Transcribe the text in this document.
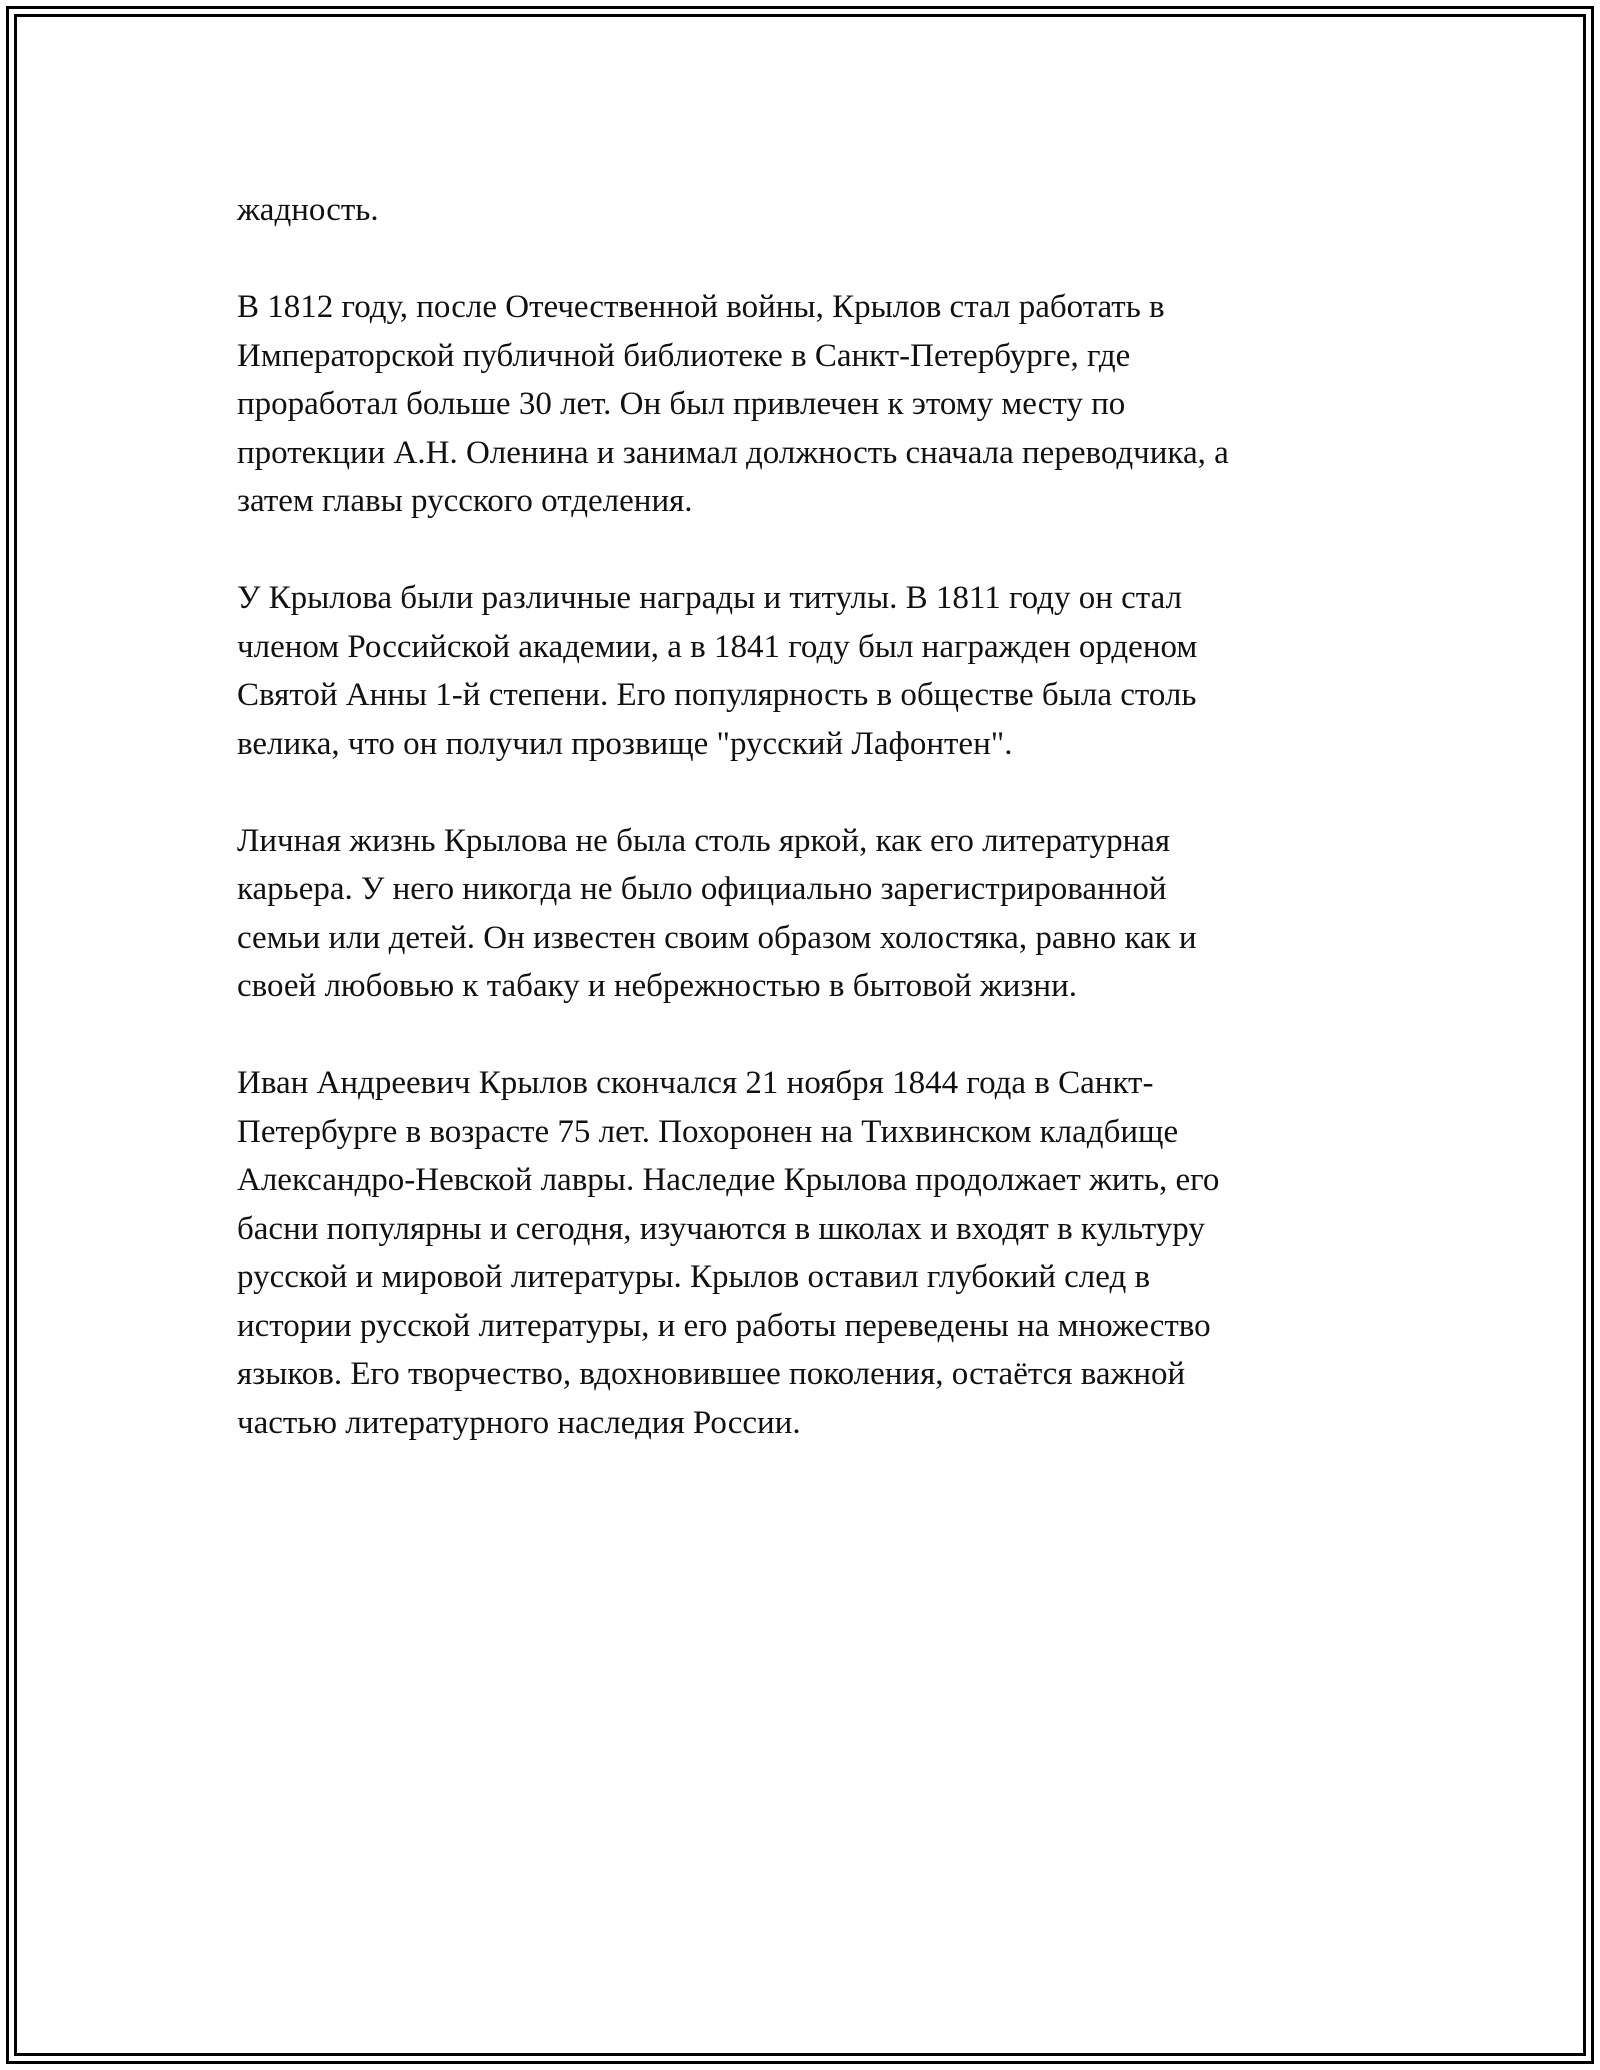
жадность.

В 1812 году, после Отечественной войны, Крылов стал работать в
Императорской публичной библиотеке в Санкт-Петербурге, где
проработал больше 30 лет. Он был привлечен к этому месту по
протекции А.Н. Оленина и занимал должность сначала переводчика, а
затем главы русского отделения.

У Крылова были различные награды и титулы. В 1811 году он стал
членом Российской академии, а в 1841 году был награжден орденом
Святой Анны 1-й степени. Его популярность в обществе была столь
велика, что он получил прозвище "русский Лафонтен".

Личная жизнь Крылова не была столь яркой, как его литературная
карьера. У него никогда не было официально зарегистрированной
семьи или детей. Он известен своим образом холостяка, равно как и
своей любовью к табаку и небрежностью в бытовой жизни.

Иван Андреевич Крылов скончался 21 ноября 1844 года в Санкт-
Петербурге в возрасте 75 лет. Похоронен на Тихвинском кладбище
Александро-Невской лавры. Наследие Крылова продолжает жить, его
басни популярны и сегодня, изучаются в школах и входят в культуру
русской и мировой литературы. Крылов оставил глубокий след в
истории русской литературы, и его работы переведены на множество
языков. Его творчество, вдохновившее поколения, остаётся важной
частью литературного наследия России.
